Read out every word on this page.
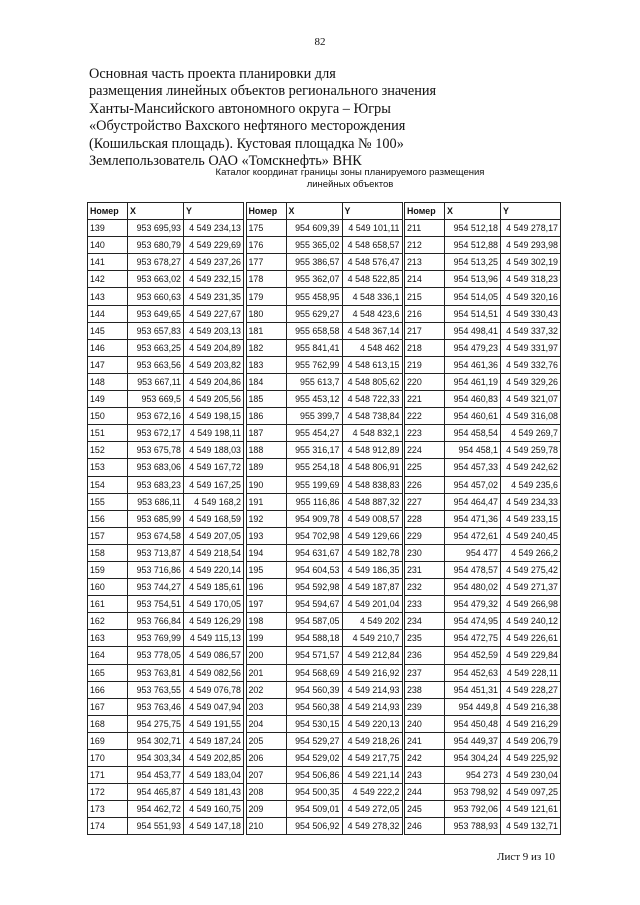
82
Основная часть проекта планировки для
размещения линейных объектов регионального значения
Ханты-Мансийского автономного округа – Югры
«Обустройство Вахского нефтяного месторождения
(Кошильская площадь). Кустовая площадка № 100»
Землепользователь ОАО «Томскнефть» ВНК
Каталог координат границы зоны планируемого размещения
линейных объектов
Номер	X	Y
139	953 695,93	4 549 234,13
140	953 680,79	4 549 229,69
141	953 678,27	4 549 237,26
142	953 663,02	4 549 232,15
143	953 660,63	4 549 231,35
144	953 649,65	4 549 227,67
145	953 657,83	4 549 203,13
146	953 663,25	4 549 204,89
147	953 663,56	4 549 203,82
148	953 667,11	4 549 204,86
149	953 669,5	4 549 205,56
150	953 672,16	4 549 198,15
151	953 672,17	4 549 198,11
152	953 675,78	4 549 188,03
153	953 683,06	4 549 167,72
154	953 683,23	4 549 167,25
155	953 686,11	4 549 168,2
156	953 685,99	4 549 168,59
157	953 674,58	4 549 207,05
158	953 713,87	4 549 218,54
159	953 716,86	4 549 220,14
160	953 744,27	4 549 185,61
161	953 754,51	4 549 170,05
162	953 766,84	4 549 126,29
163	953 769,99	4 549 115,13
164	953 778,05	4 549 086,57
165	953 763,81	4 549 082,56
166	953 763,55	4 549 076,78
167	953 763,46	4 549 047,94
168	954 275,75	4 549 191,55
169	954 302,71	4 549 187,24
170	954 303,34	4 549 202,85
171	954 453,77	4 549 183,04
172	954 465,87	4 549 181,43
173	954 462,72	4 549 160,75
174	954 551,93	4 549 147,18
Номер	X	Y
175	954 609,39	4 549 101,11
176	955 365,02	4 548 658,57
177	955 386,57	4 548 576,47
178	955 362,07	4 548 522,85
179	955 458,95	4 548 336,1
180	955 629,27	4 548 423,6
181	955 658,58	4 548 367,14
182	955 841,41	4 548 462
183	955 762,99	4 548 613,15
184	955 613,7	4 548 805,62
185	955 453,12	4 548 722,33
186	955 399,7	4 548 738,84
187	955 454,27	4 548 832,1
188	955 316,17	4 548 912,89
189	955 254,18	4 548 806,91
190	955 199,69	4 548 838,83
191	955 116,86	4 548 887,32
192	954 909,78	4 549 008,57
193	954 702,98	4 549 129,66
194	954 631,67	4 549 182,78
195	954 604,53	4 549 186,35
196	954 592,98	4 549 187,87
197	954 594,67	4 549 201,04
198	954 587,05	4 549 202
199	954 588,18	4 549 210,7
200	954 571,57	4 549 212,84
201	954 568,69	4 549 216,92
202	954 560,39	4 549 214,93
203	954 560,38	4 549 214,93
204	954 530,15	4 549 220,13
205	954 529,27	4 549 218,26
206	954 529,02	4 549 217,75
207	954 506,86	4 549 221,14
208	954 500,35	4 549 222,2
209	954 509,01	4 549 272,05
210	954 506,92	4 549 278,32
Номер	X	Y
211	954 512,18	4 549 278,17
212	954 512,88	4 549 293,98
213	954 513,25	4 549 302,19
214	954 513,96	4 549 318,23
215	954 514,05	4 549 320,16
216	954 514,51	4 549 330,43
217	954 498,41	4 549 337,32
218	954 479,23	4 549 331,97
219	954 461,36	4 549 332,76
220	954 461,19	4 549 329,26
221	954 460,83	4 549 321,07
222	954 460,61	4 549 316,08
223	954 458,54	4 549 269,7
224	954 458,1	4 549 259,78
225	954 457,33	4 549 242,62
226	954 457,02	4 549 235,6
227	954 464,47	4 549 234,33
228	954 471,36	4 549 233,15
229	954 472,61	4 549 240,45
230	954 477	4 549 266,2
231	954 478,57	4 549 275,42
232	954 480,02	4 549 271,37
233	954 479,32	4 549 266,98
234	954 474,95	4 549 240,12
235	954 472,75	4 549 226,61
236	954 452,59	4 549 229,84
237	954 452,63	4 549 228,11
238	954 451,31	4 549 228,27
239	954 449,8	4 549 216,38
240	954 450,48	4 549 216,29
241	954 449,37	4 549 206,79
242	954 304,24	4 549 225,92
243	954 273	4 549 230,04
244	953 798,92	4 549 097,25
245	953 792,06	4 549 121,61
246	953 788,93	4 549 132,71
Лист 9 из 10
